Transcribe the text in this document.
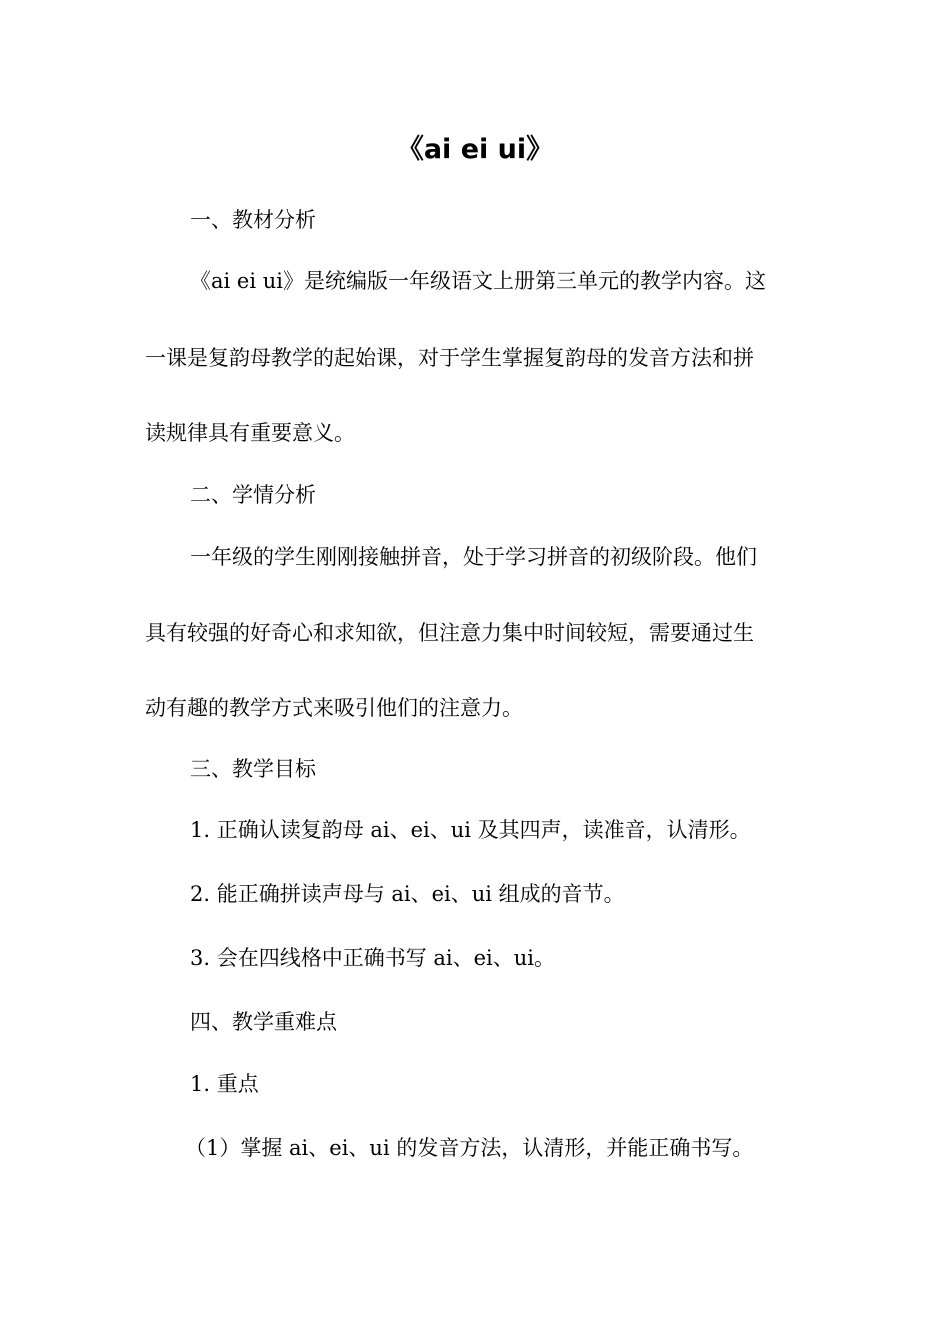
《ai ei ui》
一、教材分析
《ai ei ui》是统编版一年级语文上册第三单元的教学内容。这
一课是复韵母教学的起始课，对于学生掌握复韵母的发音方法和拼
读规律具有重要意义。
二、学情分析
一年级的学生刚刚接触拼音，处于学习拼音的初级阶段。他们
具有较强的好奇心和求知欲，但注意力集中时间较短，需要通过生
动有趣的教学方式来吸引他们的注意力。
三、教学目标
1. 正确认读复韵母 ai、ei、ui 及其四声，读准音，认清形。
2. 能正确拼读声母与 ai、ei、ui 组成的音节。
3. 会在四线格中正确书写 ai、ei、ui。
四、教学重难点
1. 重点
（1）掌握 ai、ei、ui 的发音方法，认清形，并能正确书写。
